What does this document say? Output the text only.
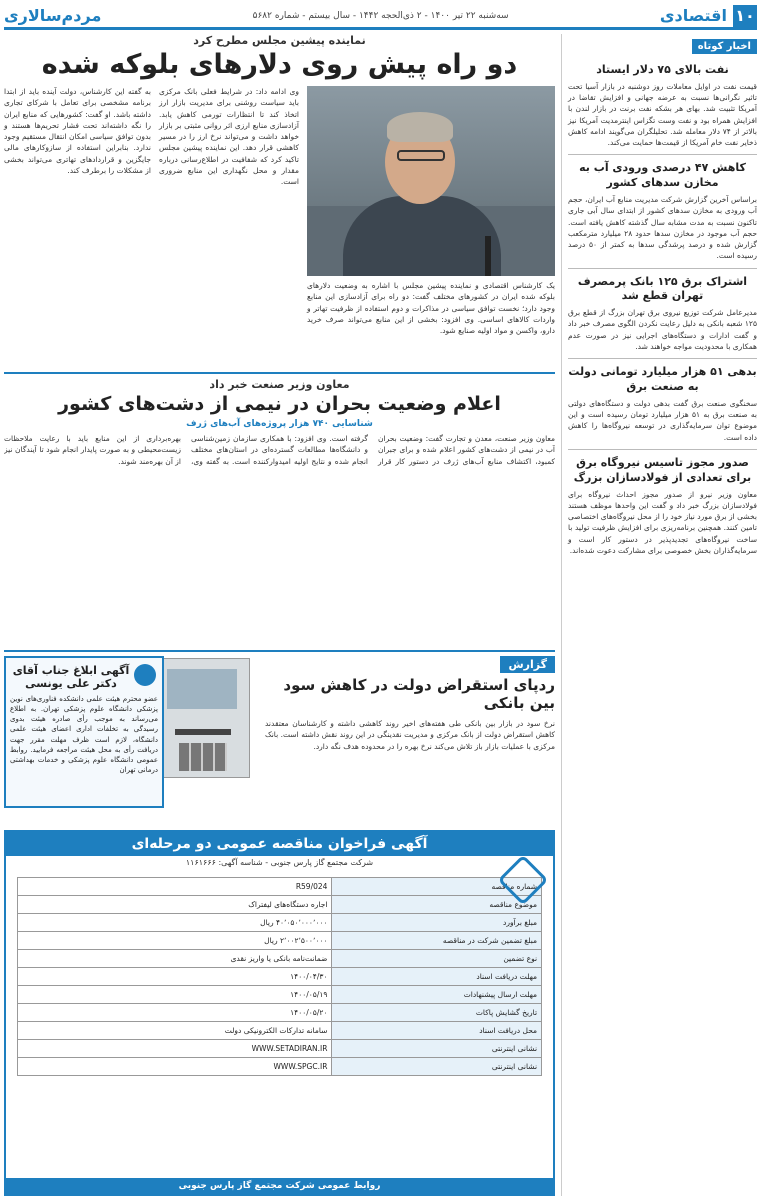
۱۰
اقتصادی
سه‌شنبه ۲۲ تیر ۱۴۰۰ - ۲ ذی‌الحجه ۱۴۴۲ - سال بیستم - شماره ۵۶۸۲
مردم‌سالاری
اخبار کوتاه
نفت بالای ۷۵ دلار ایستاد

قیمت نفت در اوایل معاملات روز دوشنبه در بازار آسیا تحت تاثیر نگرانی‌ها نسبت به عرضه جهانی و افزایش تقاضا در آمریکا تثبیت شد. بهای هر بشکه نفت برنت در بازار لندن با افزایش همراه بود و نفت وست تگزاس اینترمدیت آمریکا نیز بالاتر از ۷۴ دلار معامله شد. تحلیلگران می‌گویند ادامه کاهش ذخایر نفت خام آمریکا از قیمت‌ها حمایت می‌کند.

کاهش ۴۷ درصدی ورودی آب به مخازن سدهای کشور

براساس آخرین گزارش شرکت مدیریت منابع آب ایران، حجم آب ورودی به مخازن سدهای کشور از ابتدای سال آبی جاری تاکنون نسبت به مدت مشابه سال گذشته کاهش یافته است. حجم آب موجود در مخازن سدها حدود ۲۸ میلیارد مترمکعب گزارش شده و درصد پرشدگی سدها به کمتر از ۵۰ درصد رسیده است.

اشتراک برق ۱۲۵ بانک پرمصرف تهران قطع شد

مدیرعامل شرکت توزیع نیروی برق تهران بزرگ از قطع برق ۱۲۵ شعبه بانکی به دلیل رعایت نکردن الگوی مصرف خبر داد و گفت ادارات و دستگاه‌های اجرایی نیز در صورت عدم همکاری با محدودیت مواجه خواهند شد.

بدهی ۵۱ هزار میلیارد تومانی دولت به صنعت برق

سخنگوی صنعت برق گفت بدهی دولت و دستگاه‌های دولتی به صنعت برق به ۵۱ هزار میلیارد تومان رسیده است و این موضوع توان سرمایه‌گذاری در توسعه نیروگاه‌ها را کاهش داده است.

صدور مجوز تاسیس نیروگاه برق برای تعدادی از فولادسازان بزرگ

معاون وزیر نیرو از صدور مجوز احداث نیروگاه برای فولادسازان بزرگ خبر داد و گفت این واحدها موظف هستند بخشی از برق مورد نیاز خود را از محل نیروگاه‌های اختصاصی تامین کنند. همچنین برنامه‌ریزی برای افزایش ظرفیت تولید با ساخت نیروگاه‌های تجدیدپذیر در دستور کار است و سرمایه‌گذاران بخش خصوصی برای مشارکت دعوت شده‌اند.

نماینده پیشین مجلس مطرح کرد
دو راه پیش روی دلارهای بلوکه شده
یک کارشناس اقتصادی و نماینده پیشین مجلس با اشاره به وضعیت دلارهای بلوکه شده ایران در کشورهای مختلف گفت: دو راه برای آزادسازی این منابع وجود دارد؛ نخست توافق سیاسی در مذاکرات و دوم استفاده از ظرفیت تهاتر و واردات کالاهای اساسی. وی افزود: بخشی از این منابع می‌تواند صرف خرید دارو، واکسن و مواد اولیه صنایع شود.
وی ادامه داد: در شرایط فعلی بانک مرکزی باید سیاست روشنی برای مدیریت بازار ارز اتخاذ کند تا انتظارات تورمی کاهش یابد. آزادسازی منابع ارزی اثر روانی مثبتی بر بازار خواهد داشت و می‌تواند نرخ ارز را در مسیر کاهشی قرار دهد. این نماینده پیشین مجلس تاکید کرد که شفافیت در اطلاع‌رسانی درباره مقدار و محل نگهداری این منابع ضروری است.
به گفته این کارشناس، دولت آینده باید از ابتدا برنامه مشخصی برای تعامل با شرکای تجاری داشته باشد. او گفت: کشورهایی که منابع ایران را نگه داشته‌اند تحت فشار تحریم‌ها هستند و بدون توافق سیاسی امکان انتقال مستقیم وجود ندارد. بنابراین استفاده از سازوکارهای مالی جایگزین و قراردادهای تهاتری می‌تواند بخشی از مشکلات را برطرف کند.
معاون وزیر صنعت خبر داد
اعلام وضعیت بحران در نیمی از دشت‌های کشور
شناسایی ۷۴۰ هزار پروژه‌های آب‌های ژرف
معاون وزیر صنعت، معدن و تجارت گفت: وضعیت بحران آب در نیمی از دشت‌های کشور اعلام شده و برای جبران کمبود، اکتشاف منابع آب‌های ژرف در دستور کار قرار گرفته است. وی افزود: با همکاری سازمان زمین‌شناسی و دانشگاه‌ها مطالعات گسترده‌ای در استان‌های مختلف انجام شده و نتایج اولیه امیدوارکننده است. به گفته وی، بهره‌برداری از این منابع باید با رعایت ملاحظات زیست‌محیطی و به صورت پایدار انجام شود تا آیندگان نیز از آن بهره‌مند شوند.
گزارش
ردپای استقراض دولت در کاهش سود بین بانکی
نرخ سود در بازار بین بانکی طی هفته‌های اخیر روند کاهشی داشته و کارشناسان معتقدند کاهش استقراض دولت از بانک مرکزی و مدیریت نقدینگی در این روند نقش داشته است. بانک مرکزی با عملیات بازار باز تلاش می‌کند نرخ بهره را در محدوده هدف نگه دارد.
آگهی ابلاغ جناب آقای دکتر علی یونسی

عضو محترم هیئت علمی دانشکده فناوری‌های نوین پزشکی دانشگاه علوم پزشکی تهران. به اطلاع می‌رساند به موجب رأی صادره هیئت بدوی رسیدگی به تخلفات اداری اعضای هیئت علمی دانشگاه، لازم است ظرف مهلت مقرر جهت دریافت رأی به محل هیئت مراجعه فرمایید. روابط عمومی دانشگاه علوم پزشکی و خدمات بهداشتی درمانی تهران

آگهی فراخوان مناقصه عمومی دو مرحله‌ای
شرکت مجتمع گاز پارس جنوبی - شناسه آگهی: ۱۱۶۱۶۶۶
شماره مناقصه	R59/024
موضوع مناقصه	اجاره دستگاه‌های لیفتراک
مبلغ برآورد	۴۰٬۰۵۰٬۰۰۰٬۰۰۰ ریال
مبلغ تضمین شرکت در مناقصه	۲٬۰۰۲٬۵۰۰٬۰۰۰ ریال
نوع تضمین	ضمانت‌نامه بانکی یا واریز نقدی
مهلت دریافت اسناد	۱۴۰۰/۰۴/۳۰
مهلت ارسال پیشنهادات	۱۴۰۰/۰۵/۱۹
تاریخ گشایش پاکات	۱۴۰۰/۰۵/۲۰
محل دریافت اسناد	سامانه تدارکات الکترونیکی دولت
نشانی اینترنتی	WWW.SETADIRAN.IR
نشانی اینترنتی	WWW.SPGC.IR
روابط عمومی شرکت مجتمع گاز پارس جنوبی
